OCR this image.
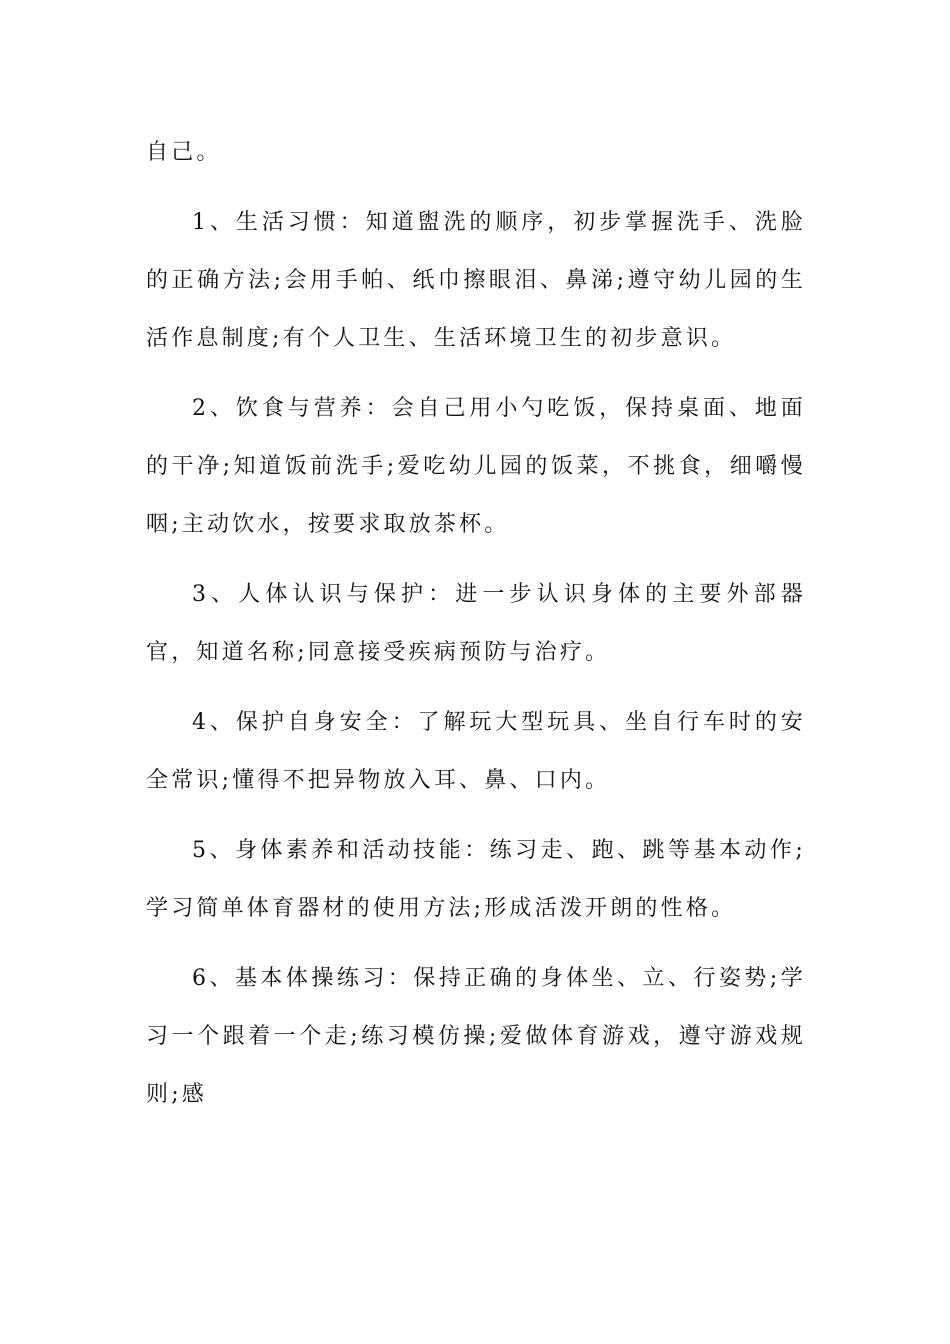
自己。

1、生活习惯：知道盥洗的顺序，初步掌握洗手、洗脸的正确方法;会用手帕、纸巾擦眼泪、鼻涕;遵守幼儿园的生活作息制度;有个人卫生、生活环境卫生的初步意识。

2、饮食与营养：会自己用小勺吃饭，保持桌面、地面的干净;知道饭前洗手;爱吃幼儿园的饭菜，不挑食，细嚼慢咽;主动饮水，按要求取放茶杯。

3、人体认识与保护：进一步认识身体的主要外部器官，知道名称;同意接受疾病预防与治疗。

4、保护自身安全：了解玩大型玩具、坐自行车时的安全常识;懂得不把异物放入耳、鼻、口内。

5、身体素养和活动技能：练习走、跑、跳等基本动作;学习简单体育器材的使用方法;形成活泼开朗的性格。

6、基本体操练习：保持正确的身体坐、立、行姿势;学习一个跟着一个走;练习模仿操;爱做体育游戏，遵守游戏规则;感
